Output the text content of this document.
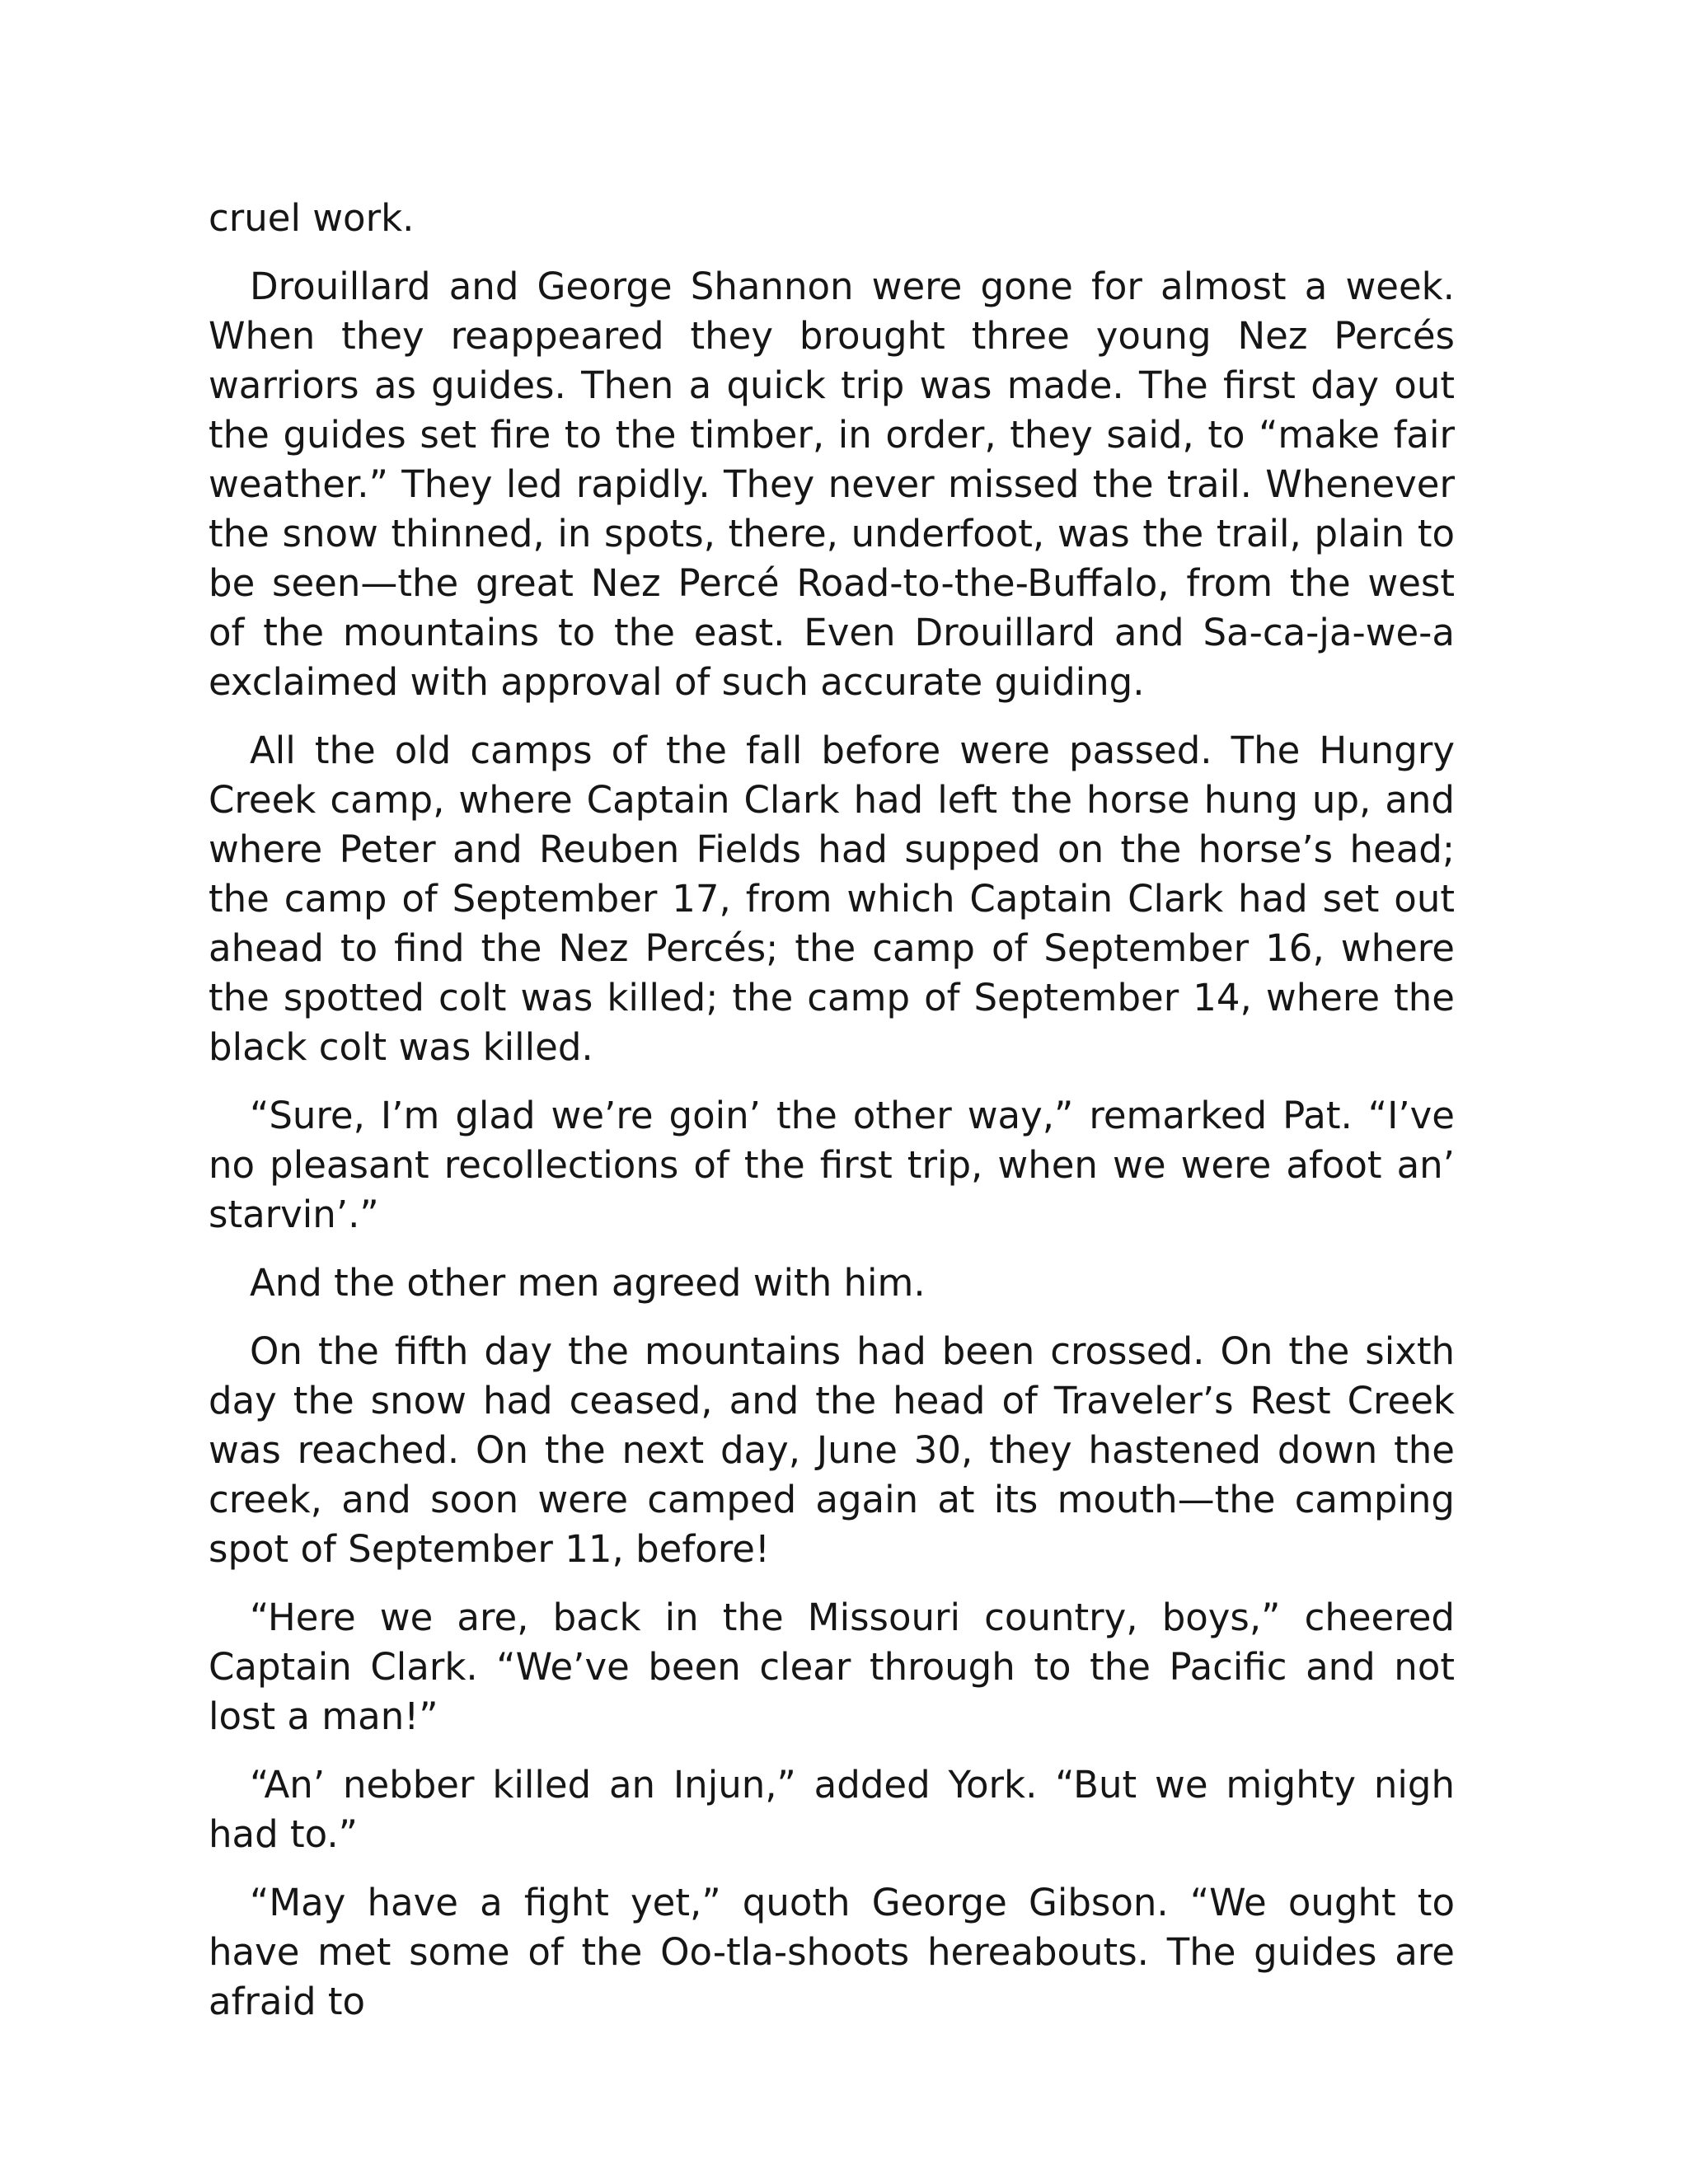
cruel work.

Drouillard and George Shannon were gone for almost a week. When they reappeared they brought three young Nez Percés warriors as guides. Then a quick trip was made. The first day out the guides set fire to the timber, in order, they said, to “make fair weather.” They led rapidly. They never missed the trail. Whenever the snow thinned, in spots, there, underfoot, was the trail, plain to be seen—the great Nez Percé Road-to-the-Buffalo, from the west of the mountains to the east. Even Drouillard and Sa-ca-ja-we-a exclaimed with approval of such accurate guiding.

All the old camps of the fall before were passed. The Hungry Creek camp, where Captain Clark had left the horse hung up, and where Peter and Reuben Fields had supped on the horse’s head; the camp of September 17, from which Captain Clark had set out ahead to find the Nez Percés; the camp of September 16, where the spotted colt was killed; the camp of September 14, where the black colt was killed.

“Sure, I’m glad we’re goin’ the other way,” remarked Pat. “I’ve no pleasant recollections of the first trip, when we were afoot an’ starvin’.”

And the other men agreed with him.

On the fifth day the mountains had been crossed. On the sixth day the snow had ceased, and the head of Traveler’s Rest Creek was reached. On the next day, June 30, they hastened down the creek, and soon were camped again at its mouth—the camping spot of September 11, before!

“Here we are, back in the Missouri country, boys,” cheered Captain Clark. “We’ve been clear through to the Pacific and not lost a man!”

“An’ nebber killed an Injun,” added York. “But we mighty nigh had to.”

“May have a fight yet,” quoth George Gibson. “We ought to have met some of the Oo-tla-shoots hereabouts. The guides are afraid to
